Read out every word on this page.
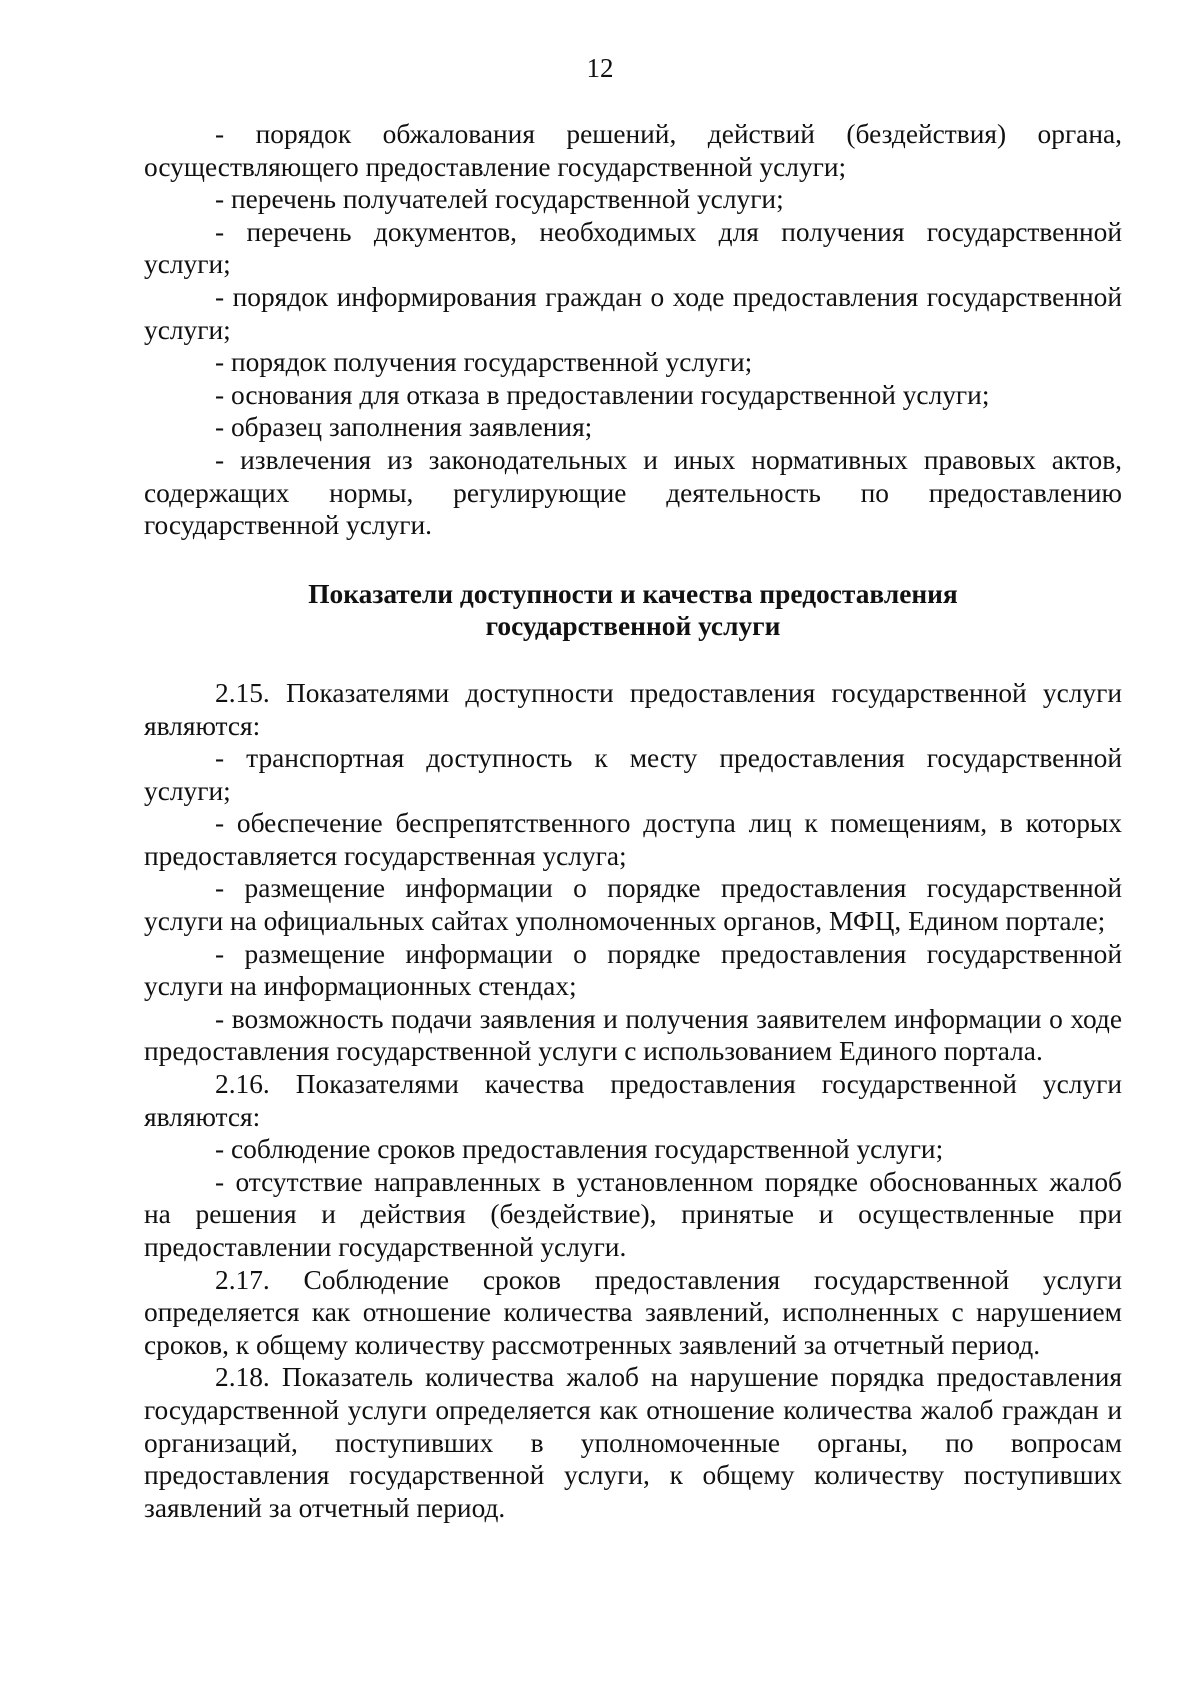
12

- порядок обжалования решений, действий (бездействия) органа, осуществляющего предоставление государственной услуги;

- перечень получателей государственной услуги;

- перечень документов, необходимых для получения государственной услуги;

- порядок информирования граждан о ходе предоставления государственной услуги;

- порядок получения государственной услуги;

- основания для отказа в предоставлении государственной услуги;

- образец заполнения заявления;

- извлечения из законодательных и иных нормативных правовых актов, содержащих нормы, регулирующие деятельность по предоставлению государственной услуги.

Показатели доступности и качества предоставления
государственной услуги

2.15. Показателями доступности предоставления государственной услуги являются:

- транспортная доступность к месту предоставления государственной услуги;

- обеспечение беспрепятственного доступа лиц к помещениям, в которых предоставляется государственная услуга;

- размещение информации о порядке предоставления государственной услуги на официальных сайтах уполномоченных органов, МФЦ, Едином портале;

- размещение информации о порядке предоставления государственной услуги на информационных стендах;

- возможность подачи заявления и получения заявителем информации о ходе предоставления государственной услуги с использованием Единого портала.

2.16. Показателями качества предоставления государственной услуги являются:

- соблюдение сроков предоставления государственной услуги;

- отсутствие направленных в установленном порядке обоснованных жалоб на решения и действия (бездействие), принятые и осуществленные при предоставлении государственной услуги.

2.17. Соблюдение сроков предоставления государственной услуги определяется как отношение количества заявлений, исполненных с нарушением сроков, к общему количеству рассмотренных заявлений за отчетный период.

2.18. Показатель количества жалоб на нарушение порядка предоставления государственной услуги определяется как отношение количества жалоб граждан и организаций, поступивших в уполномоченные органы, по вопросам предоставления государственной услуги, к общему количеству поступивших заявлений за отчетный период.
